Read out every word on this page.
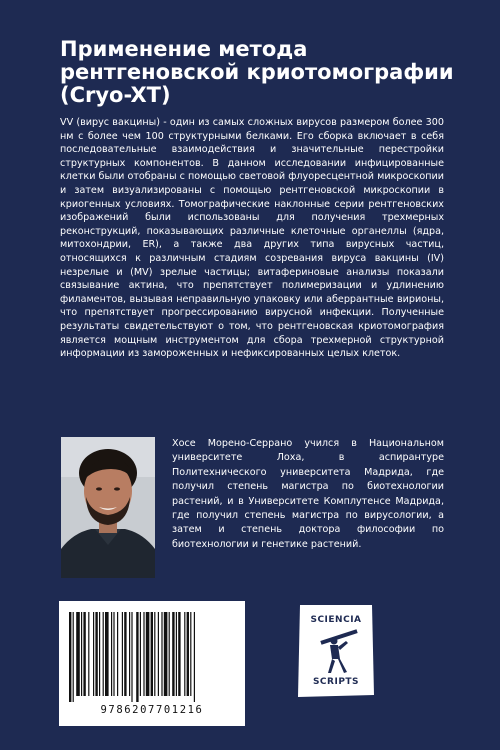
Применение метода
рентгеновской криотомографии
(Cryo-XT)
VV (вирус вакцины) - один из самых сложных вирусов размером более 300 нм с более чем 100 структурными белками. Его сборка включает в себя последовательные взаимодействия и значительные перестройки структурных компонентов. В данном исследовании инфицированные клетки были отобраны с помощью световой флуоресцентной микроскопии и затем визуализированы с помощью рентгеновской микроскопии в криогенных условиях. Томографические наклонные серии рентгеновских изображений были использованы для получения трехмерных реконструкций, показывающих различные клеточные органеллы (ядра, митохондрии, ER), а также два других типа вирусных частиц, относящихся к различным стадиям созревания вируса вакцины (IV) незрелые и (MV) зрелые частицы; витафериновые анализы показали связывание актина, что препятствует полимеризации и удлинению филаментов, вызывая неправильную упаковку или аберрантные вирионы, что препятствует прогрессированию вирусной инфекции. Полученные результаты свидетельствуют о том, что рентгеновская криотомография является мощным инструментом для сбора трехмерной структурной информации из замороженных и нефиксированных целых клеток.
Хосе Морено-Серрано учился в Национальном университете Лоха, в аспирантуре Политехнического университета Мадрида, где получил степень магистра по биотехнологии растений, и в Университете Комплутенсе Мадрида, где получил степень магистра по вирусологии, а затем и степень доктора философии по биотехнологии и генетике растений.
9786207701216
SCIENCIA
SCRIPTS
